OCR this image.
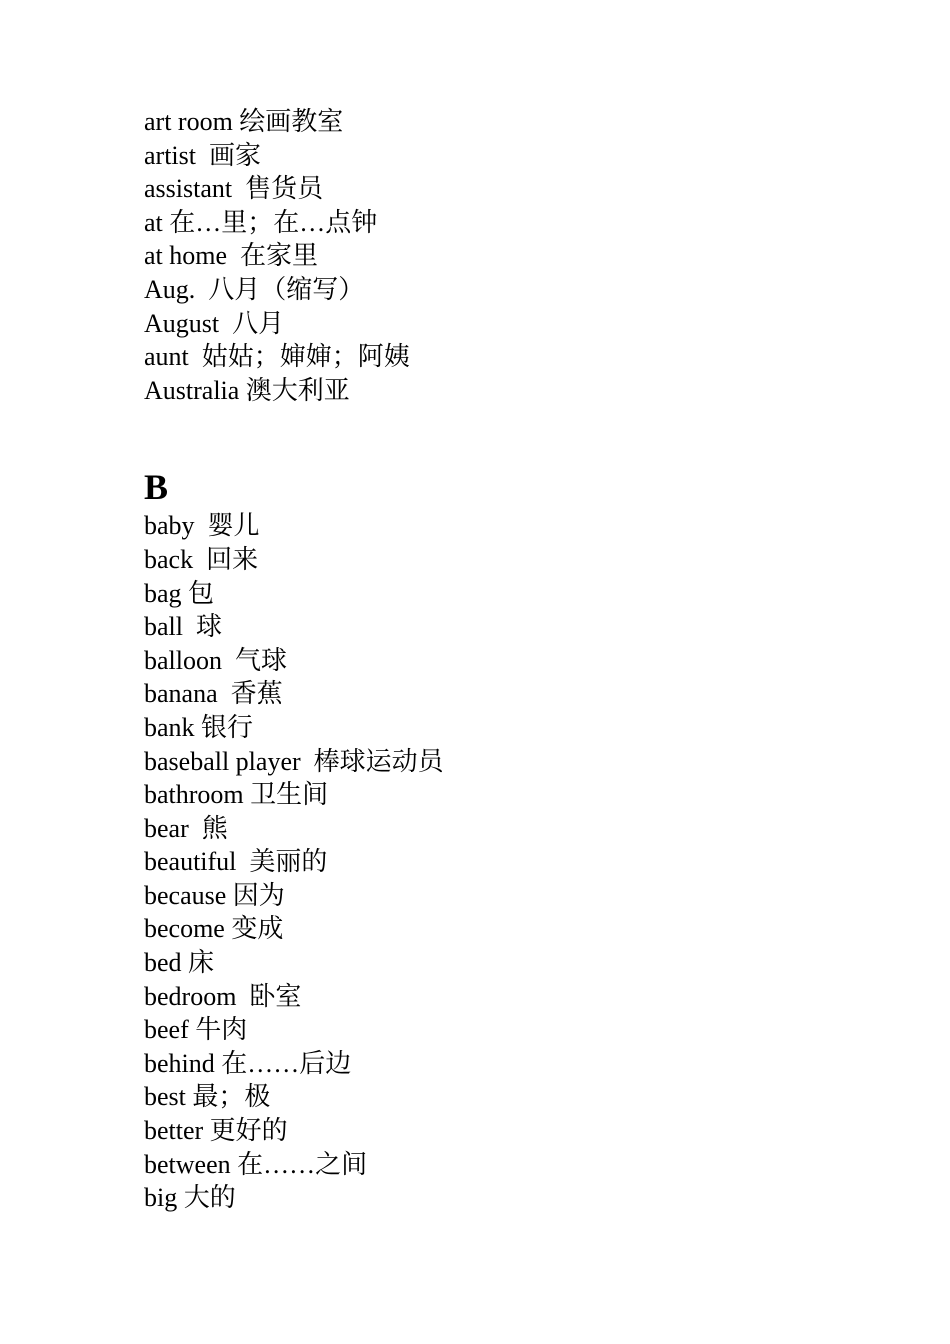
art room 绘画教室
artist  画家
assistant  售货员
at 在…里；在…点钟
at home  在家里
Aug.  八月（缩写）
August  八月
aunt  姑姑；婶婶；阿姨
Australia 澳大利亚
B
baby  婴儿
back  回来
bag 包
ball  球
balloon  气球
banana  香蕉
bank 银行
baseball player  棒球运动员
bathroom 卫生间
bear  熊
beautiful  美丽的
because 因为
become 变成
bed 床
bedroom  卧室
beef 牛肉
behind 在……后边
best 最；极
better 更好的
between 在……之间
big 大的
